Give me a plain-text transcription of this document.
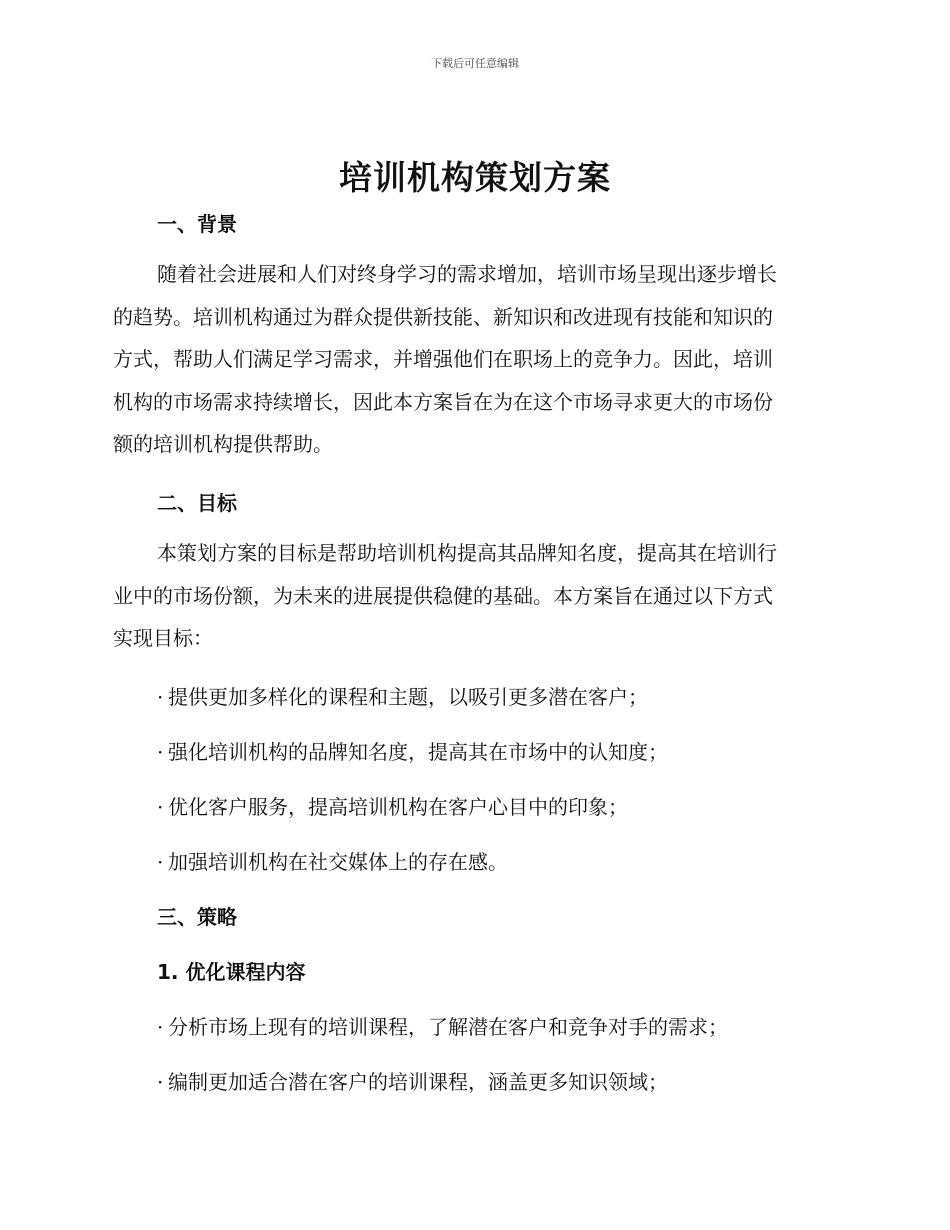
下载后可任意编辑
培训机构策划方案
一、背景
随着社会进展和人们对终身学习的需求增加，培训市场呈现出逐步增长
的趋势。培训机构通过为群众提供新技能、新知识和改进现有技能和知识的
方式，帮助人们满足学习需求，并增强他们在职场上的竞争力。因此，培训
机构的市场需求持续增长，因此本方案旨在为在这个市场寻求更大的市场份
额的培训机构提供帮助。
二、目标
本策划方案的目标是帮助培训机构提高其品牌知名度，提高其在培训行
业中的市场份额，为未来的进展提供稳健的基础。本方案旨在通过以下方式
实现目标：
· 提供更加多样化的课程和主题，以吸引更多潜在客户；
· 强化培训机构的品牌知名度，提高其在市场中的认知度；
· 优化客户服务，提高培训机构在客户心目中的印象；
· 加强培训机构在社交媒体上的存在感。
三、策略
1. 优化课程内容
· 分析市场上现有的培训课程，了解潜在客户和竞争对手的需求；
· 编制更加适合潜在客户的培训课程，涵盖更多知识领域；
